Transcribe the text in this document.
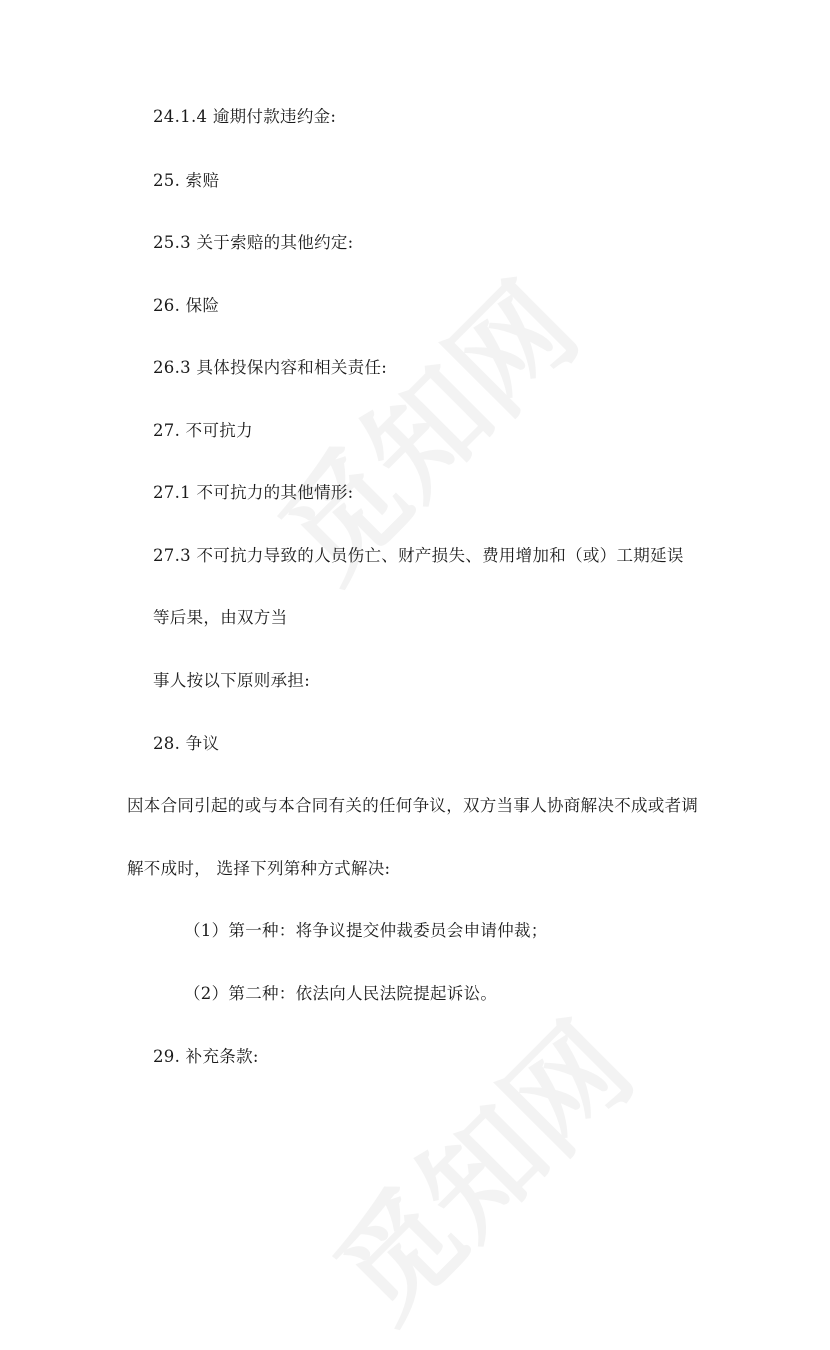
24.1.4 逾期付款违约金:

25. 索赔

25.3 关于索赔的其他约定:

26. 保险

26.3 具体投保内容和相关责任:

27. 不可抗力

27.1 不可抗力的其他情形:

27.3 不可抗力导致的人员伤亡、财产损失、费用增加和（或）工期延误

等后果，由双方当

事人按以下原则承担:

28. 争议

因本合同引起的或与本合同有关的任何争议，双方当事人协商解决不成或者调

解不成时， 选择下列第种方式解决:

（1）第一种：将争议提交仲裁委员会申请仲裁；

（2）第二种：依法向人民法院提起诉讼。

29. 补充条款:
